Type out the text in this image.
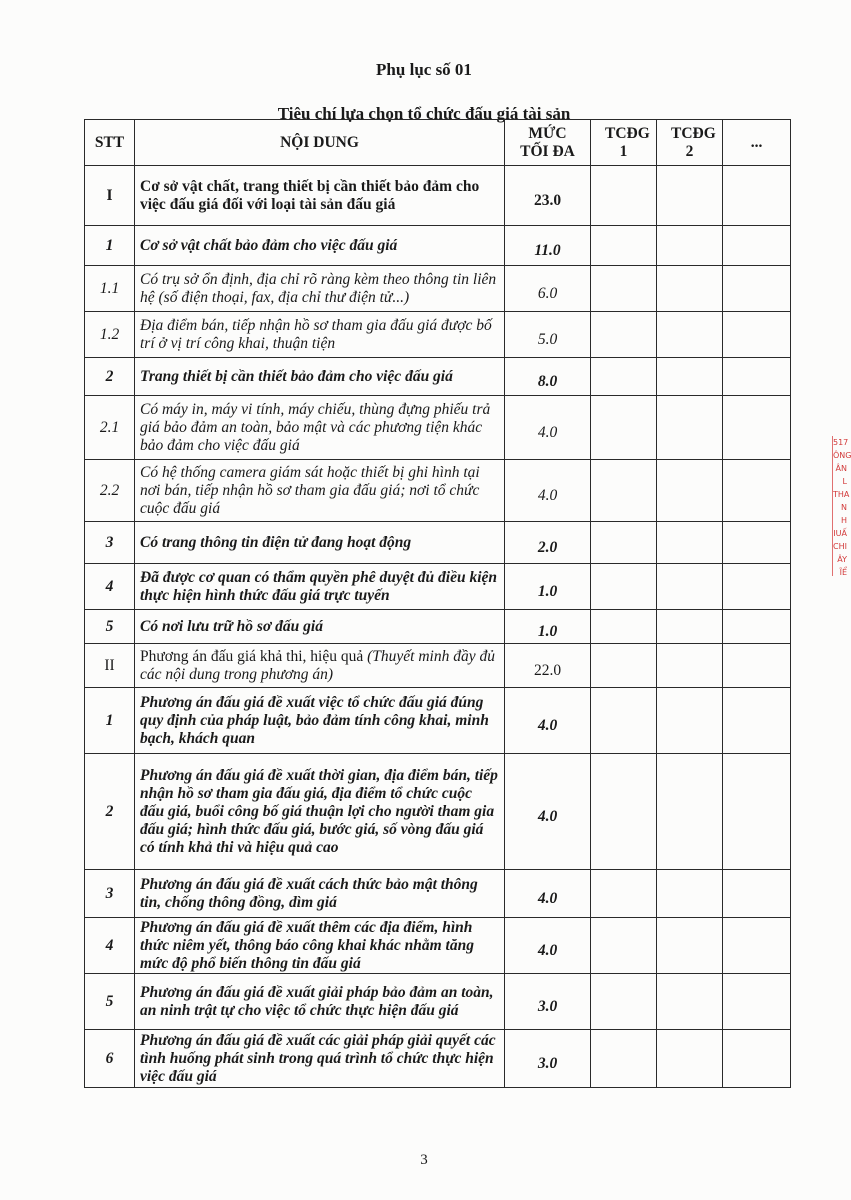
Phụ lục số 01
Tiêu chí lựa chọn tổ chức đấu giá tài sản
STT	NỘI DUNG	MỨC TỐI ĐA	TCĐG 1	TCĐG 2	...
I	Cơ sở vật chất, trang thiết bị cần thiết bảo đảm cho việc đấu giá đối với loại tài sản đấu giá	23.0			
1	Cơ sở vật chất bảo đảm cho việc đấu giá	11.0			
1.1	Có trụ sở ổn định, địa chỉ rõ ràng kèm theo thông tin liên hệ (số điện thoại, fax, địa chỉ thư điện tử...)	6.0			
1.2	Địa điểm bán, tiếp nhận hồ sơ tham gia đấu giá được bố trí ở vị trí công khai, thuận tiện	5.0			
2	Trang thiết bị cần thiết bảo đảm cho việc đấu giá	8.0			
2.1	Có máy in, máy vi tính, máy chiếu, thùng đựng phiếu trả giá bảo đảm an toàn, bảo mật và các phương tiện khác bảo đảm cho việc đấu giá	4.0			
2.2	Có hệ thống camera giám sát hoặc thiết bị ghi hình tại nơi bán, tiếp nhận hồ sơ tham gia đấu giá; nơi tổ chức cuộc đấu giá	4.0			
3	Có trang thông tin điện tử đang hoạt động	2.0			
4	Đã được cơ quan có thẩm quyền phê duyệt đủ điều kiện thực hiện hình thức đấu giá trực tuyến	1.0			
5	Có nơi lưu trữ hồ sơ đấu giá	1.0			
II	Phương án đấu giá khả thi, hiệu quả (Thuyết minh đầy đủ các nội dung trong phương án)	22.0			
1	Phương án đấu giá đề xuất việc tổ chức đấu giá đúng quy định của pháp luật, bảo đảm tính công khai, minh bạch, khách quan	4.0			
2	Phương án đấu giá đề xuất thời gian, địa điểm bán, tiếp nhận hồ sơ tham gia đấu giá, địa điểm tổ chức cuộc đấu giá, buổi công bố giá thuận lợi cho người tham gia đấu giá; hình thức đấu giá, bước giá, số vòng đấu giá có tính khả thi và hiệu quả cao	4.0			
3	Phương án đấu giá đề xuất cách thức bảo mật thông tin, chống thông đồng, dìm giá	4.0			
4	Phương án đấu giá đề xuất thêm các địa điểm, hình thức niêm yết, thông báo công khai khác nhằm tăng mức độ phổ biến thông tin đấu giá	4.0			
5	Phương án đấu giá đề xuất giải pháp bảo đảm an toàn, an ninh trật tự cho việc tổ chức thực hiện đấu giá	3.0			
6	Phương án đấu giá đề xuất các giải pháp giải quyết các tình huống phát sinh trong quá trình tổ chức thực hiện việc đấu giá	3.0			
517
ÔNG
ÂN L
THA
N H
IUẤ
CHI
ÂY
ĨỂ
3
